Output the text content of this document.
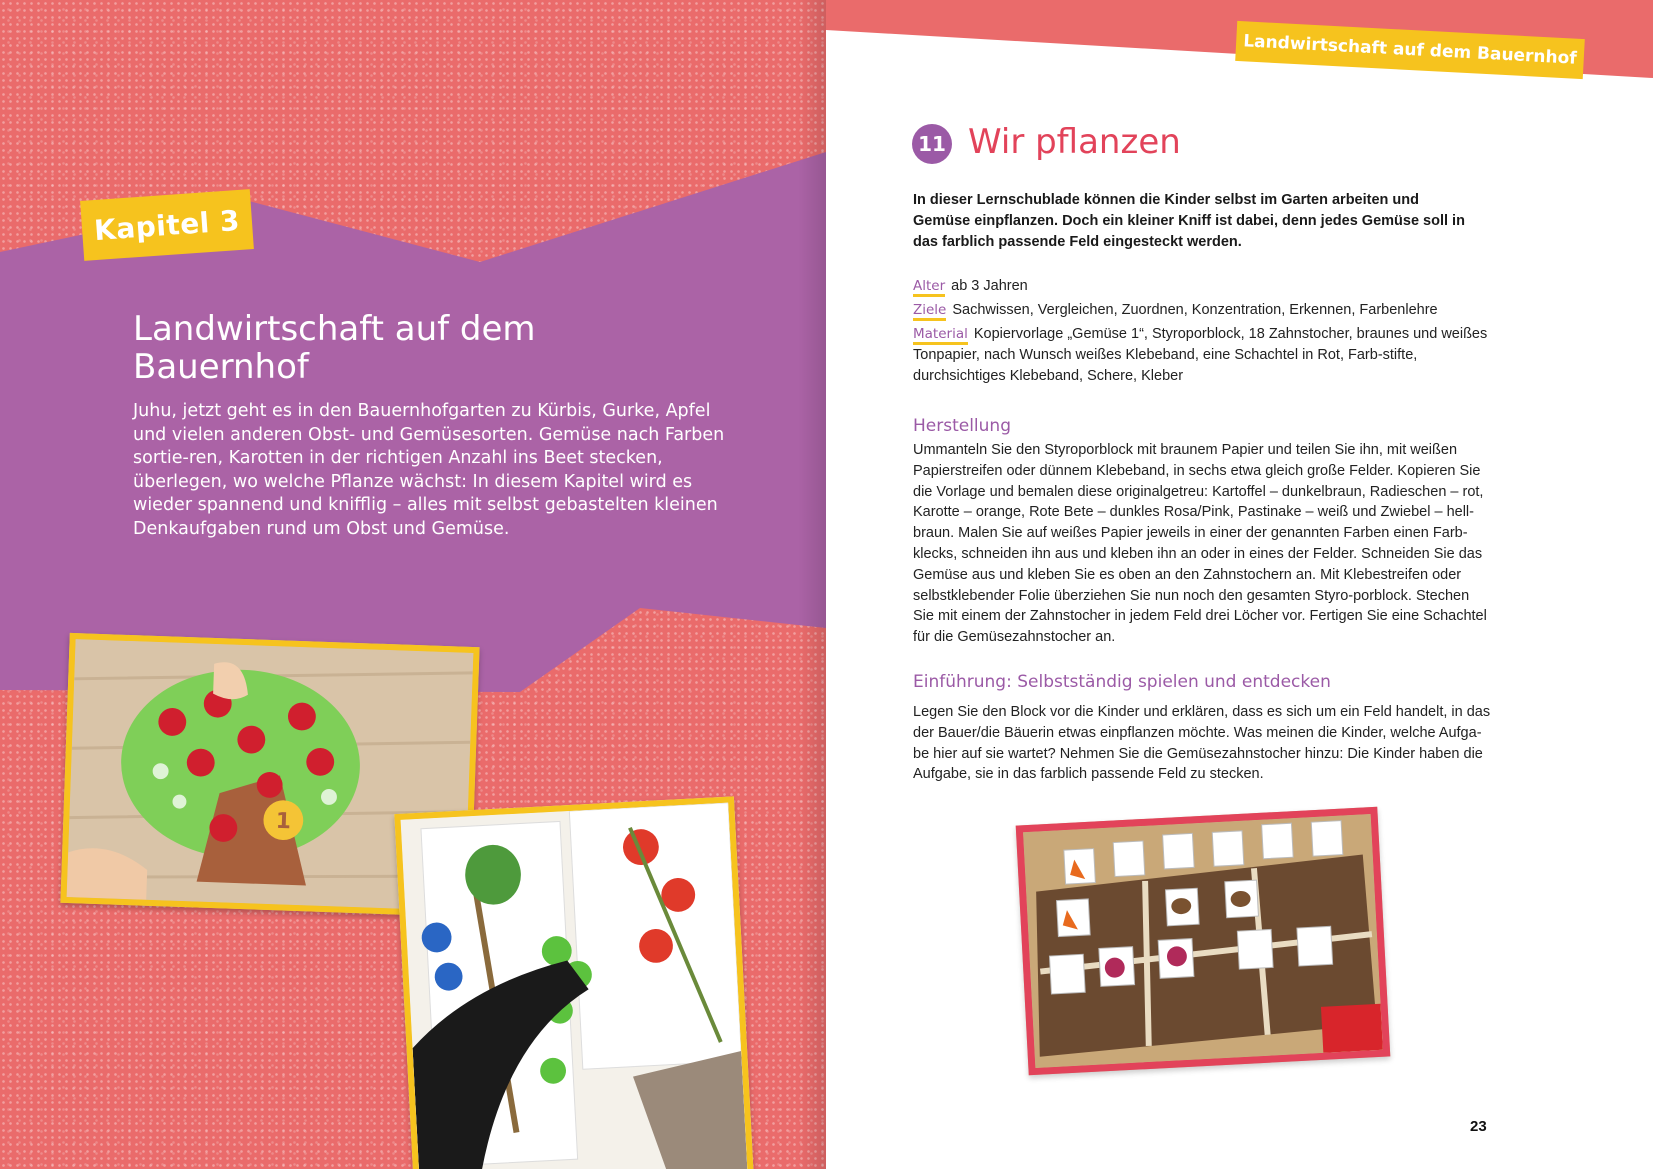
Kapitel 3
Landwirtschaft auf dem Bauernhof

Juhu, jetzt geht es in den Bauernhofgarten zu Kürbis, Gurke, Apfel und vielen anderen Obst- und Gemüsesorten. Gemüse nach Farben sortie-ren, Karotten in der richtigen Anzahl ins Beet stecken, überlegen, wo welche Pflanze wächst: In diesem Kapitel wird es wieder spannend und knifflig – alles mit selbst gebastelten kleinen Denkaufgaben rund um Obst und Gemüse.

1
Landwirtschaft auf dem Bauernhof
11 Wir pflanzen

In dieser Lernschublade können die Kinder selbst im Garten arbeiten und Gemüse einpflanzen. Doch ein kleiner Kniff ist dabei, denn jedes Gemüse soll in das farblich passende Feld eingesteckt werden.

Alter ab 3 Jahren

Ziele Sachwissen, Vergleichen, Zuordnen, Konzentration, Erkennen, Farbenlehre

Material Kopiervorlage „Gemüse 1“, Styroporblock, 18 Zahnstocher, braunes und weißes Tonpapier, nach Wunsch weißes Klebeband, eine Schachtel in Rot, Farb-stifte, durchsichtiges Klebeband, Schere, Kleber

Herstellung

Ummanteln Sie den Styroporblock mit braunem Papier und teilen Sie ihn, mit weißen Papierstreifen oder dünnem Klebeband, in sechs etwa gleich große Felder. Kopieren Sie die Vorlage und bemalen diese originalgetreu: Kartoffel – dunkelbraun, Radieschen – rot, Karotte – orange, Rote Bete – dunkles Rosa/Pink, Pastinake – weiß und Zwiebel – hell-braun. Malen Sie auf weißes Papier jeweils in einer der genannten Farben einen Farb-klecks, schneiden ihn aus und kleben ihn an oder in eines der Felder. Schneiden Sie das Gemüse aus und kleben Sie es oben an den Zahnstochern an. Mit Klebestreifen oder selbstklebender Folie überziehen Sie nun noch den gesamten Styro-porblock. Stechen Sie mit einem der Zahnstocher in jedem Feld drei Löcher vor. Fertigen Sie eine Schachtel für die Gemüsezahnstocher an.

Einführung: Selbstständig spielen und entdecken

Legen Sie den Block vor die Kinder und erklären, dass es sich um ein Feld handelt, in das der Bauer/die Bäuerin etwas einpflanzen möchte. Was meinen die Kinder, welche Aufga-be hier auf sie wartet? Nehmen Sie die Gemüsezahnstocher hinzu: Die Kinder haben die Aufgabe, sie in das farblich passende Feld zu stecken.

23
